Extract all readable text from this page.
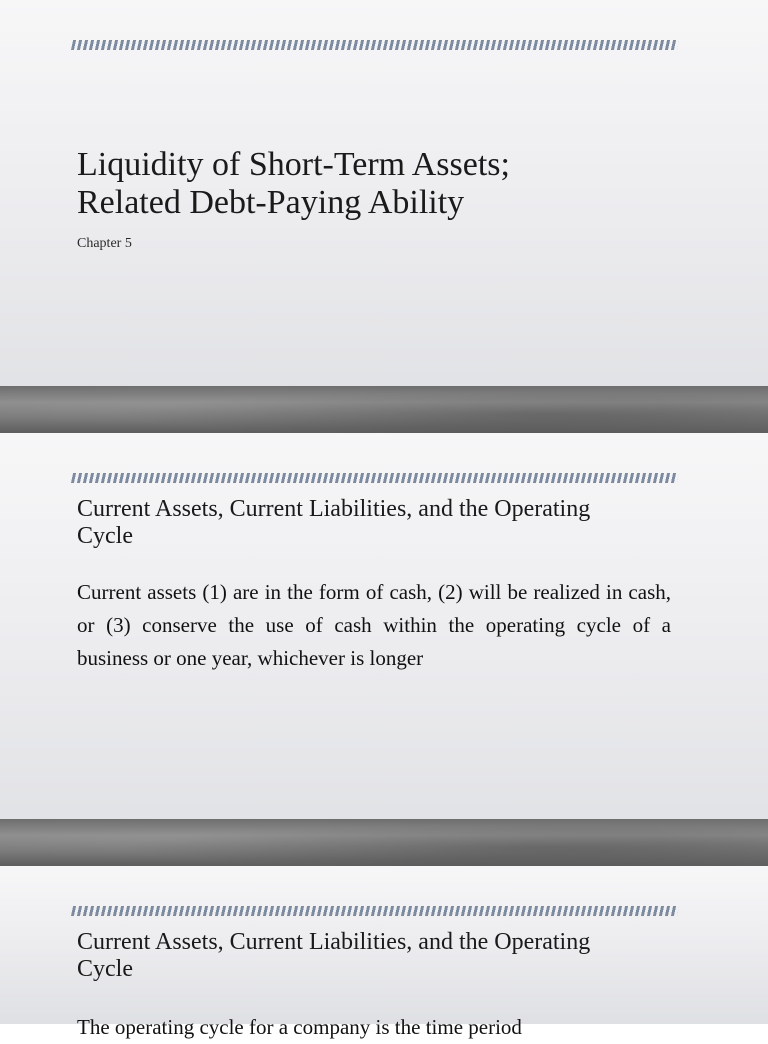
Liquidity of Short-Term Assets;
Related Debt-Paying Ability
Chapter 5
Current Assets, Current Liabilities, and the Operating
Cycle

Current assets (1) are in the form of cash, (2) will be realized in cash, or (3) conserve the use of cash within the operating cycle of a business or one year, whichever is longer

Current Assets, Current Liabilities, and the Operating
Cycle

The operating cycle for a company is the time period
